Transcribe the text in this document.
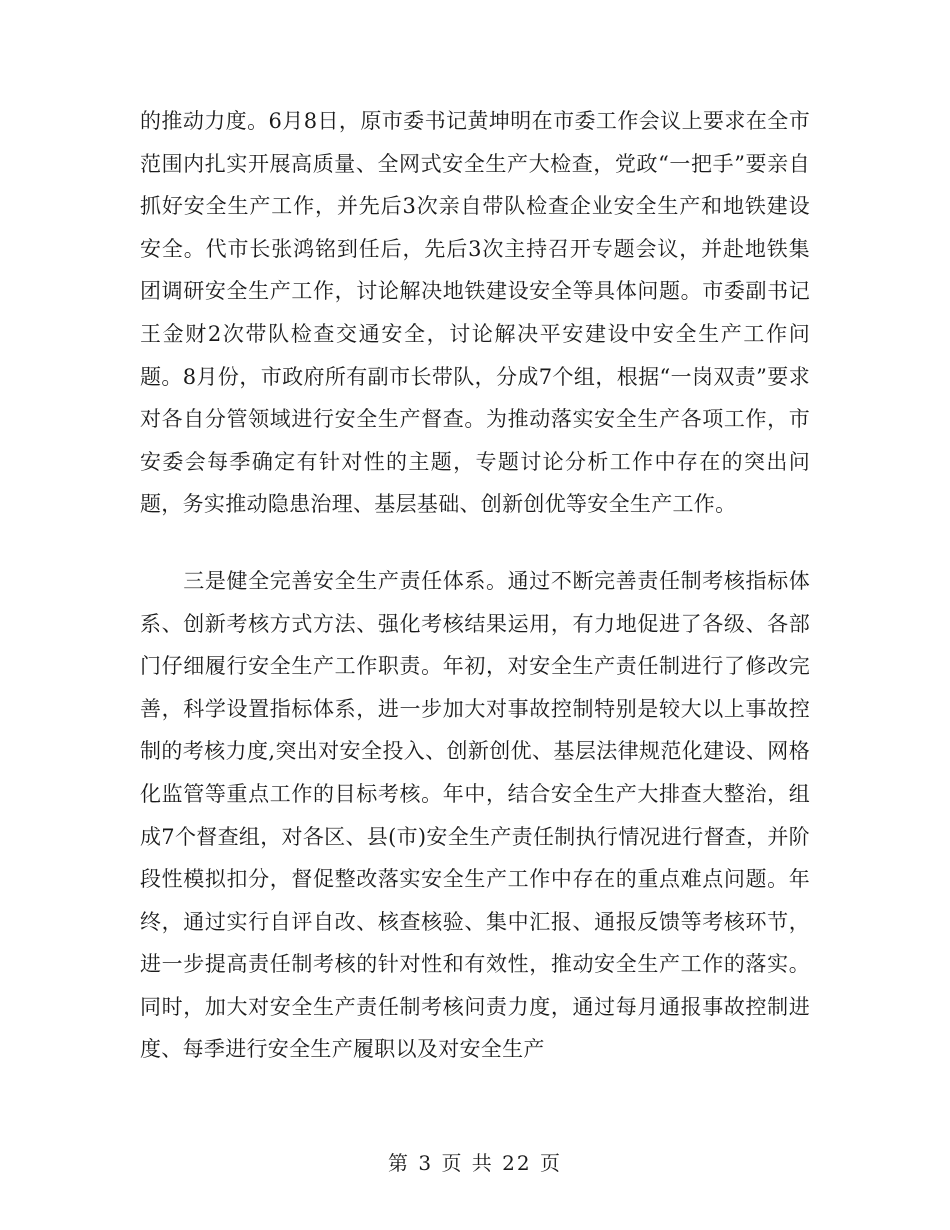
的推动力度。6月8日，原市委书记黄坤明在市委工作会议上要求在全市范围内扎实开展高质量、全网式安全生产大检查，党政“一把手”要亲自抓好安全生产工作，并先后3次亲自带队检查企业安全生产和地铁建设安全。代市长张鸿铭到任后，先后3次主持召开专题会议，并赴地铁集团调研安全生产工作，讨论解决地铁建设安全等具体问题。市委副书记王金财2次带队检查交通安全，讨论解决平安建设中安全生产工作问题。8月份，市政府所有副市长带队，分成7个组，根据“一岗双责”要求对各自分管领域进行安全生产督查。为推动落实安全生产各项工作，市安委会每季确定有针对性的主题，专题讨论分析工作中存在的突出问题，务实推动隐患治理、基层基础、创新创优等安全生产工作。

　　三是健全完善安全生产责任体系。通过不断完善责任制考核指标体系、创新考核方式方法、强化考核结果运用，有力地促进了各级、各部门仔细履行安全生产工作职责。年初，对安全生产责任制进行了修改完善，科学设置指标体系，进一步加大对事故控制特别是较大以上事故控制的考核力度,突出对安全投入、创新创优、基层法律规范化建设、网格化监管等重点工作的目标考核。年中，结合安全生产大排查大整治，组成7个督查组，对各区、县(市)安全生产责任制执行情况进行督查，并阶段性模拟扣分，督促整改落实安全生产工作中存在的重点难点问题。年终，通过实行自评自改、核查核验、集中汇报、通报反馈等考核环节，进一步提高责任制考核的针对性和有效性，推动安全生产工作的落实。同时，加大对安全生产责任制考核问责力度，通过每月通报事故控制进度、每季进行安全生产履职以及对安全生产

第 3 页 共 22 页
